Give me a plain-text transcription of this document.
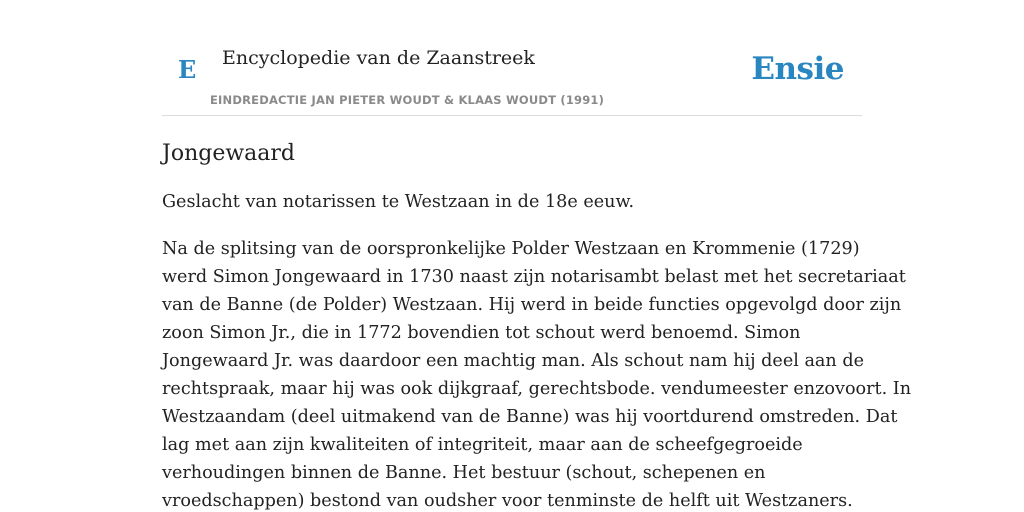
E Encyclopedie van de Zaanstreek
EINDREDACTIE JAN PIETER WOUDT & KLAAS WOUDT (1991)
Ensie
Jongewaard

Geslacht van notarissen te Westzaan in de 18e eeuw.

Na de splitsing van de oorspronkelijke Polder Westzaan en Krommenie (1729)
werd Simon Jongewaard in 1730 naast zijn notarisambt belast met het secretariaat
van de Banne (de Polder) Westzaan. Hij werd in beide functies opgevolgd door zijn
zoon Simon Jr., die in 1772 bovendien tot schout werd benoemd. Simon
Jongewaard Jr. was daardoor een machtig man. Als schout nam hij deel aan de
rechtspraak, maar hij was ook dijkgraaf, gerechtsbode. vendumeester enzovoort. In
Westzaandam (deel uitmakend van de Banne) was hij voortdurend omstreden. Dat
lag met aan zijn kwaliteiten of integriteit, maar aan de scheefgegroeide
verhoudingen binnen de Banne. Het bestuur (schout, schepenen en
vroedschappen) bestond van oudsher voor tenminste de helft uit Westzaners.
